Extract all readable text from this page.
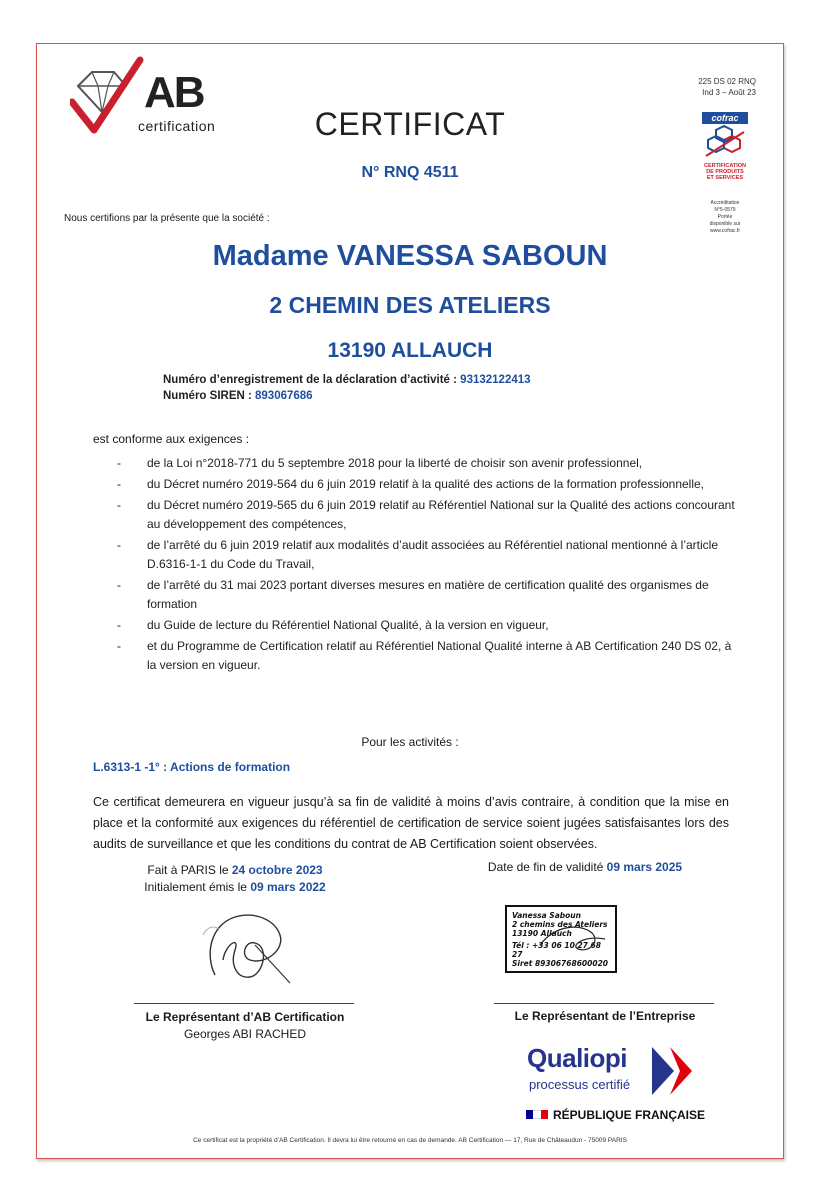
AB
certification
225 DS 02 RNQ
Ind 3 – Août 23
cofrac
CERTIFICATION
DE PRODUITS
ET SERVICES
Accréditation
N°5-0579
Portée
disponible sur
www.cofrac.fr
CERTIFICAT
N° RNQ 4511
Nous certifions par la présente que la société :
Madame VANESSA SABOUN
2 CHEMIN DES ATELIERS
13190 ALLAUCH
Numéro d’enregistrement de la déclaration d’activité : 93132122413
Numéro SIREN : 893067686
est conforme aux exigences :
- de la Loi n°2018-771 du 5 septembre 2018 pour la liberté de choisir son avenir professionnel,
- du Décret numéro 2019-564 du 6 juin 2019 relatif à la qualité des actions de la formation professionnelle,
- du Décret numéro 2019-565 du 6 juin 2019 relatif au Référentiel National sur la Qualité des actions concourant au développement des compétences,
- de l’arrêté du 6 juin 2019 relatif aux modalités d’audit associées au Référentiel national mentionné à l’article D.6316-1-1 du Code du Travail,
- de l’arrêté du 31 mai 2023 portant diverses mesures en matière de certification qualité des organismes de formation
- du Guide de lecture du Référentiel National Qualité, à la version en vigueur,
- et du Programme de Certification relatif au Référentiel National Qualité interne à AB Certification 240 DS 02, à la version en vigueur.
Pour les activités :
L.6313-1 -1° : Actions de formation
Ce certificat demeurera en vigueur jusqu’à sa fin de validité à moins d’avis contraire, à condition que la mise en place et la conformité aux exigences du référentiel de certification de service soient jugées satisfaisantes lors des audits de surveillance et que les conditions du contrat de AB Certification soient observées.
Fait à PARIS le 24 octobre 2023
Initialement émis le 09 mars 2022
Date de fin de validité 09 mars 2025
Vanessa Saboun
2 chemins des Ateliers
13190 Allauch
Tél : +33 06 10 27 68 27
Siret 89306768600020
Le Représentant d’AB Certification
Georges ABI RACHED
Le Représentant de l’Entreprise
Qualiopi
processus certifié
RÉPUBLIQUE FRANÇAISE
Ce certificat est la propriété d’AB Certification. Il devra lui être retourné en cas de demande. AB Certification — 17, Rue de Châteaudun - 75009 PARIS
